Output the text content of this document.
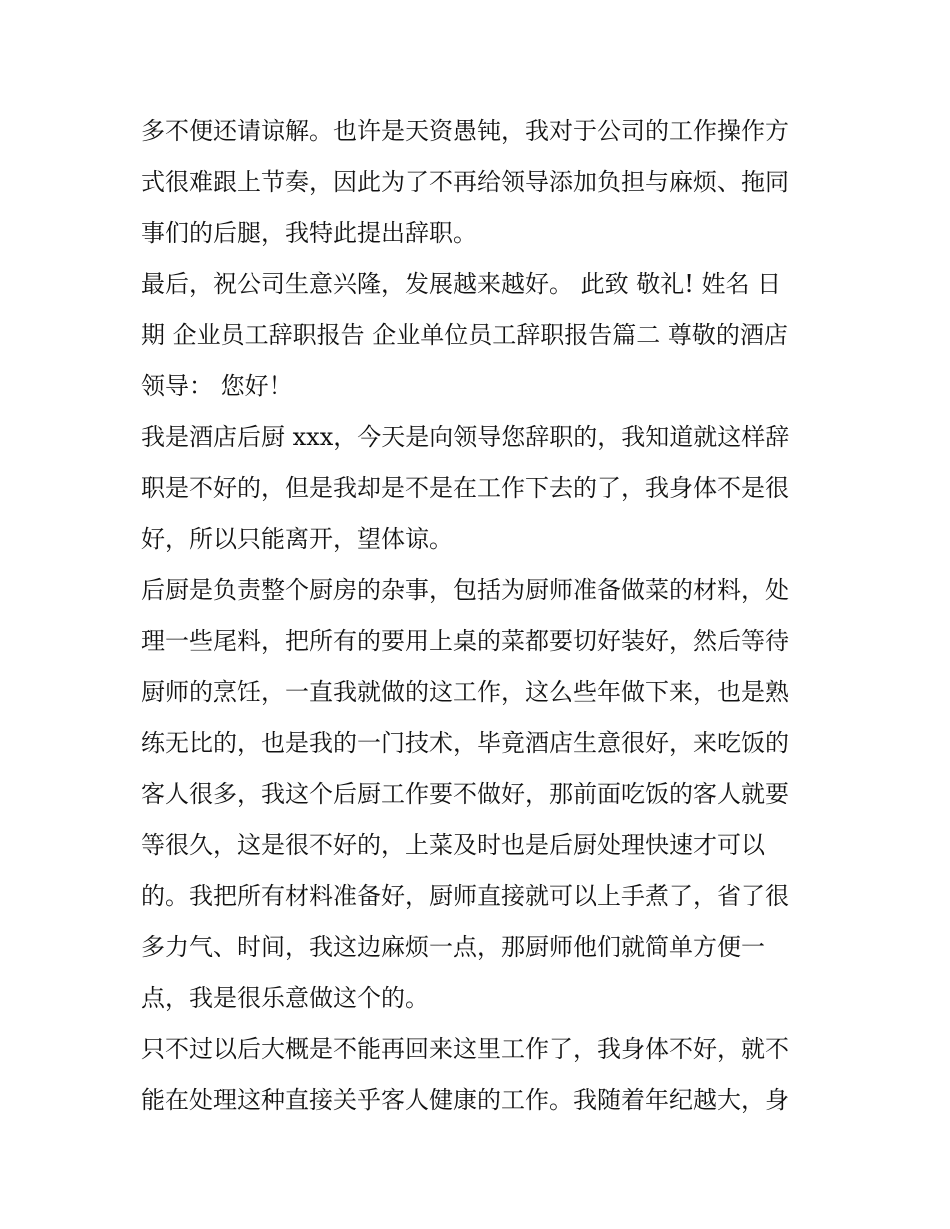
多不便还请谅解。也许是天资愚钝，我对于公司的工作操作方
式很难跟上节奏，因此为了不再给领导添加负担与麻烦、拖同
事们的后腿，我特此提出辞职。
最后，祝公司生意兴隆，发展越来越好。 此致 敬礼! 姓名 日
期 企业员工辞职报告 企业单位员工辞职报告篇二 尊敬的酒店
领导： 您好！
我是酒店后厨 xxx，今天是向领导您辞职的，我知道就这样辞
职是不好的，但是我却是不是在工作下去的了，我身体不是很
好，所以只能离开，望体谅。
后厨是负责整个厨房的杂事，包括为厨师准备做菜的材料，处
理一些尾料，把所有的要用上桌的菜都要切好装好，然后等待
厨师的烹饪，一直我就做的这工作，这么些年做下来，也是熟
练无比的，也是我的一门技术，毕竟酒店生意很好，来吃饭的
客人很多，我这个后厨工作要不做好，那前面吃饭的客人就要
等很久，这是很不好的，上菜及时也是后厨处理快速才可以
的。我把所有材料准备好，厨师直接就可以上手煮了，省了很
多力气、时间，我这边麻烦一点，那厨师他们就简单方便一
点，我是很乐意做这个的。
只不过以后大概是不能再回来这里工作了，我身体不好，就不
能在处理这种直接关乎客人健康的工作。我随着年纪越大，身
